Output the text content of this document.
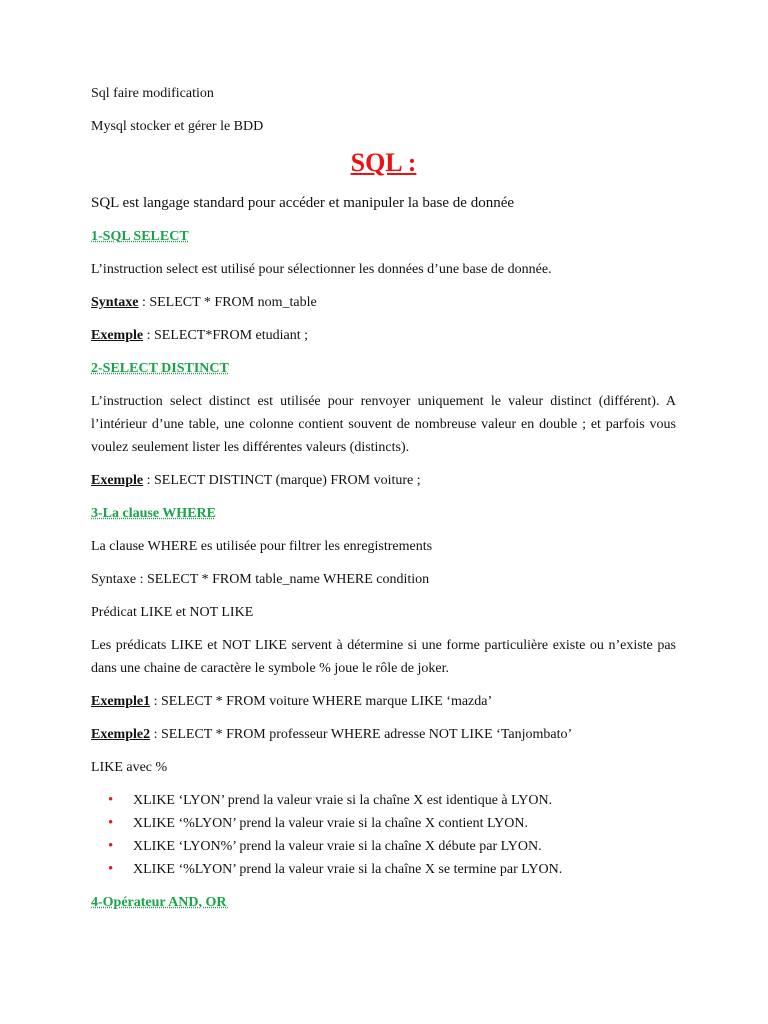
Sql faire modification

Mysql stocker et gérer le BDD

SQL :

SQL est langage standard pour accéder et manipuler la base de donnée

1-SQL SELECT

L’instruction select est utilisé pour sélectionner les données d’une base de donnée.

Syntaxe : SELECT * FROM nom_table

Exemple : SELECT*FROM etudiant ;

2-SELECT DISTINCT

L’instruction select distinct est utilisée pour renvoyer uniquement le valeur distinct (différent). A l’intérieur d’une table, une colonne contient souvent de nombreuse valeur en double ; et parfois vous voulez seulement lister les différentes valeurs (distincts).

Exemple : SELECT DISTINCT (marque) FROM voiture ;

3-La clause WHERE

La clause WHERE es utilisée pour filtrer les enregistrements

Syntaxe : SELECT * FROM table_name WHERE condition

Prédicat LIKE et NOT LIKE

Les prédicats LIKE et NOT LIKE servent à détermine si une forme particulière existe ou n’existe pas dans une chaine de caractère le symbole % joue le rôle de joker.

Exemple1 : SELECT * FROM voiture WHERE marque LIKE ‘mazda’

Exemple2 : SELECT * FROM professeur WHERE adresse NOT LIKE ‘Tanjombato’

LIKE avec %

• XLIKE ‘LYON’ prend la valeur vraie si la chaîne X est identique à LYON.
• XLIKE ‘%LYON’ prend la valeur vraie si la chaîne X contient LYON.
• XLIKE ‘LYON%’ prend la valeur vraie si la chaîne X débute par LYON.
• XLIKE ‘%LYON’ prend la valeur vraie si la chaîne X se termine par LYON.

4-Opérateur AND, OR
